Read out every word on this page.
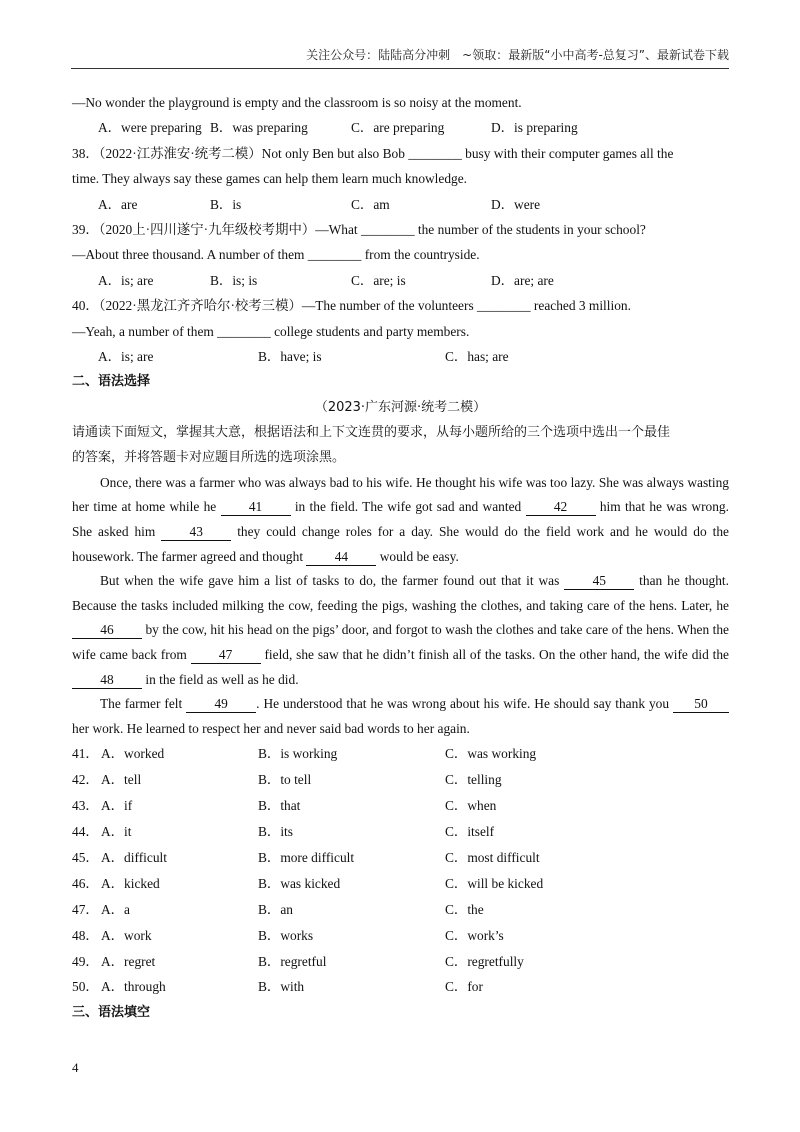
关注公众号：陆陆高分冲刺　~领取：最新版“小中高考-总复习”、最新试卷下载
—No wonder the playground is empty and the classroom is so noisy at the moment.
A．were preparing B．was preparing	C．are preparing	D．is preparing
38．（2022·江苏淮安·统考二模）Not only Ben but also Bob ________ busy with their computer games all the
time. They always say these games can help them learn much knowledge.
A．are	B．is	C．am	D．were
39．（2020上·四川遂宁·九年级校考期中）—What ________ the number of the students in your school?
—About three thousand. A number of them ________ from the countryside.
A．is; are	B．is; is	C．are; is	D．are; are
40．（2022·黑龙江齐齐哈尔·校考三模）—The number of the volunteers ________ reached 3 million.
—Yeah, a number of them ________ college students and party members.
A．is; are	B．have; is	C．has; are
二、语法选择
（2023·广东河源·统考二模）
请通读下面短文，掌握其大意，根据语法和上下文连贯的要求，从每小题所给的三个选项中选出一个最佳
的答案，并将答题卡对应题目所选的选项涂黑。
Once, there was a farmer who was always bad to his wife. He thought his wife was too lazy. She was always wasting her time at home while he 41 in the field. The wife got sad and wanted 42 him that he was wrong. She asked him 43 they could change roles for a day. She would do the field work and he would do the housework. The farmer agreed and thought 44 would be easy.
But when the wife gave him a list of tasks to do, the farmer found out that it was 45 than he thought. Because the tasks included milking the cow, feeding the pigs, washing the clothes, and taking care of the hens. Later, he 46 by the cow, hit his head on the pigs’ door, and forgot to wash the clothes and take care of the hens. When the wife came back from 47 field, she saw that he didn’t finish all of the tasks. On the other hand, the wife did the 48 in the field as well as he did.
The farmer felt 49 . He understood that he was wrong about his wife. He should say thank you 50 her work. He learned to respect her and never said bad words to her again.
41． A．worked	B．is working	C．was working
42． A．tell	B．to tell	C．telling
43． A．if	B．that	C．when
44． A．it	B．its	C．itself
45． A．difficult	B．more difficult	C．most difficult
46． A．kicked	B．was kicked	C．will be kicked
47． A．a	B．an	C．the
48． A．work	B．works	C．work’s
49． A．regret	B．regretful	C．regretfully
50． A．through	B．with	C．for
三、语法填空
4
